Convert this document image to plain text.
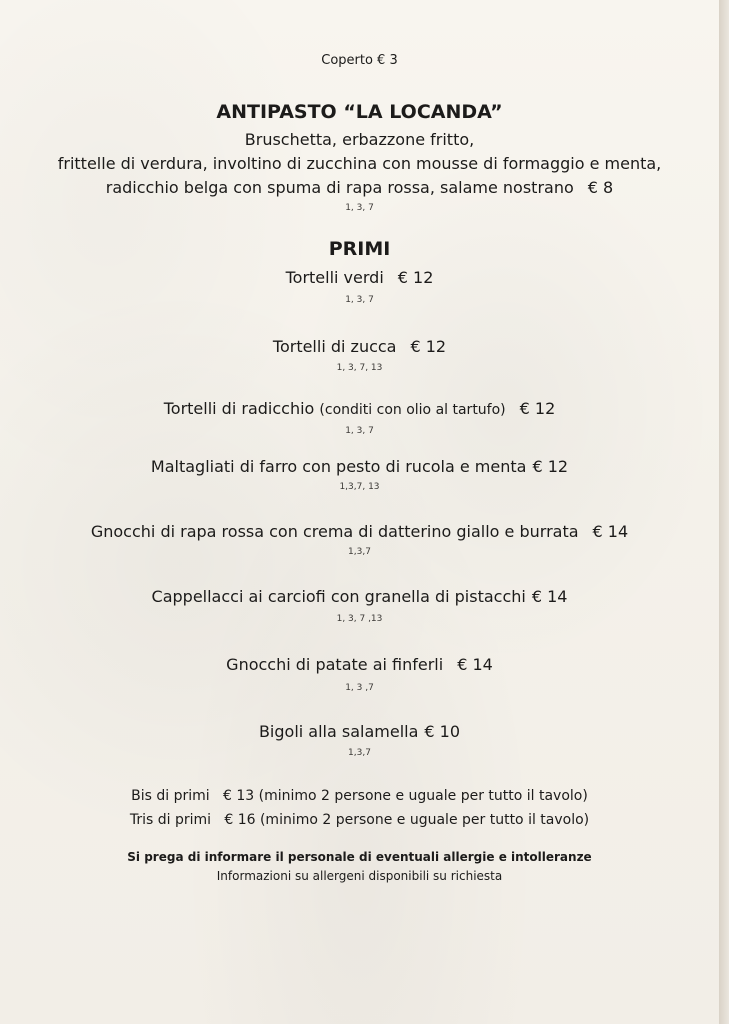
Coperto € 3
ANTIPASTO “LA LOCANDA”
Bruschetta, erbazzone fritto,
frittelle di verdura, involtino di zucchina con mousse di formaggio e menta,
radicchio belga con spuma di rapa rossa, salame nostrano € 8
1, 3, 7
PRIMI
Tortelli verdi € 12
1, 3, 7
Tortelli di zucca € 12
1, 3, 7, 13
Tortelli di radicchio (conditi con olio al tartufo) € 12
1, 3, 7
Maltagliati di farro con pesto di rucola e menta € 12
1,3,7, 13
Gnocchi di rapa rossa con crema di datterino giallo e burrata € 14
1,3,7
Cappellacci ai carciofi con granella di pistacchi € 14
1, 3, 7 ,13
Gnocchi di patate ai finferli € 14
1, 3 ,7
Bigoli alla salamella € 10
1,3,7
Bis di primi   € 13 (minimo 2 persone e uguale per tutto il tavolo)
Tris di primi   € 16 (minimo 2 persone e uguale per tutto il tavolo)
Si prega di informare il personale di eventuali allergie e intolleranze
Informazioni su allergeni disponibili su richiesta
